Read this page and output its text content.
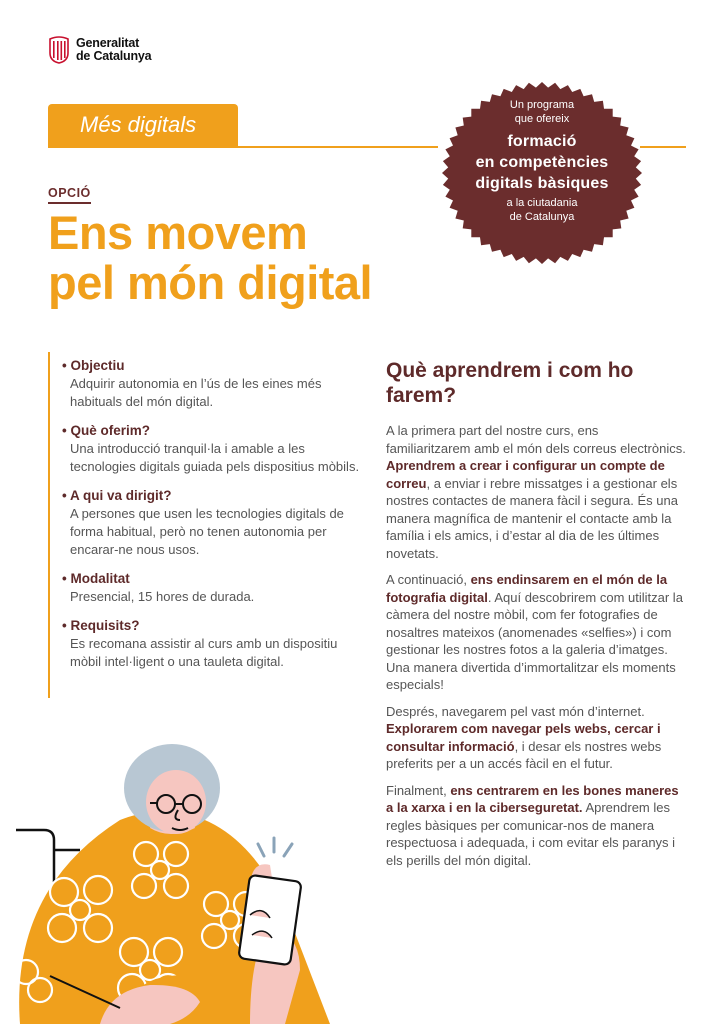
Generalitat
de Catalunya
Més digitals
Un programa
que ofereix
formació
en competències
digitals bàsiques
a la ciutadania
de Catalunya
OPCIÓ
Ens movem
pel món digital
• Objectiu
Adquirir autonomia en l’ús de les eines més habituals del món digital.
• Què oferim?
Una introducció tranquil·la i amable a les tecnologies digitals guiada pels dispositius mòbils.
• A qui va dirigit?
A persones que usen les tecnologies digitals de forma habitual, però no tenen autonomia per encarar-ne nous usos.
• Modalitat
Presencial, 15 hores de durada.
• Requisits?
Es recomana assistir al curs amb un dispositiu mòbil intel·ligent o una tauleta digital.
Què aprendrem i com ho farem?
A la primera part del nostre curs, ens familiaritzarem amb el món dels correus electrònics. Aprendrem a crear i configurar un compte de correu, a enviar i rebre missatges i a gestionar els nostres contactes de manera fàcil i segura. És una manera magnífica de mantenir el contacte amb la família i els amics, i d’estar al dia de les últimes novetats.
A continuació, ens endinsarem en el món de la fotografia digital. Aquí descobrirem com utilitzar la càmera del nostre mòbil, com fer fotografies de nosaltres mateixos (anomenades «selfies») i com gestionar les nostres fotos a la galeria d’imatges. Una manera divertida d’immortalitzar els moments especials!
Després, navegarem pel vast món d’internet. Explorarem com navegar pels webs, cercar i consultar informació, i desar els nostres webs preferits per a un accés fàcil en el futur.
Finalment, ens centrarem en les bones maneres a la xarxa i en la ciberseguretat. Aprendrem les regles bàsiques per comunicar-nos de manera respectuosa i adequada, i com evitar els paranys i els perills del món digital.
